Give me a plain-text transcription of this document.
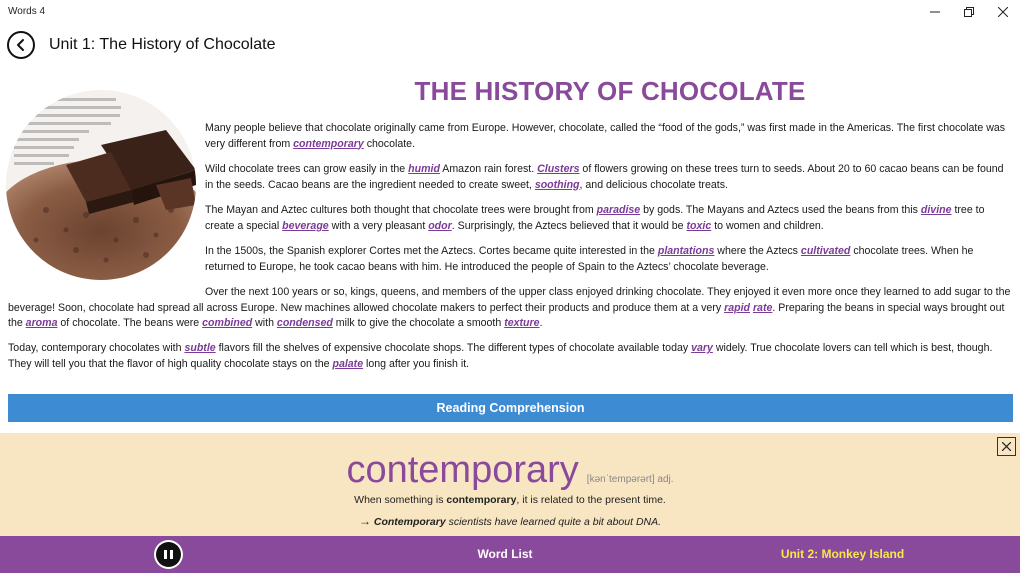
Words 4
Unit 1: The History of Chocolate
THE HISTORY OF CHOCOLATE

Many people believe that chocolate originally came from Europe. However, chocolate, called the “food of the gods,” was first made in the Americas. The first chocolate was very different from contemporary chocolate.

Wild chocolate trees can grow easily in the humid Amazon rain forest. Clusters of flowers growing on these trees turn to seeds. About 20 to 60 cacao beans can be found in the seeds. Cacao beans are the ingredient needed to create sweet, soothing, and delicious chocolate treats.

The Mayan and Aztec cultures both thought that chocolate trees were brought from paradise by gods. The Mayans and Aztecs used the beans from this divine tree to create a special beverage with a very pleasant odor. Surprisingly, the Aztecs believed that it would be toxic to women and children.

In the 1500s, the Spanish explorer Cortes met the Aztecs. Cortes became quite interested in the plantations where the Aztecs cultivated chocolate trees. When he returned to Europe, he took cacao beans with him. He introduced the people of Spain to the Aztecs’ chocolate beverage.

Over the next 100 years or so, kings, queens, and members of the upper class enjoyed drinking chocolate. They enjoyed it even more once they learned to add sugar to the beverage! Soon, chocolate had spread all across Europe. New machines allowed chocolate makers to perfect their products and produce them at a very rapid rate. Preparing the beans in special ways brought out the aroma of chocolate. The beans were combined with condensed milk to give the chocolate a smooth texture.

Today, contemporary chocolates with subtle flavors fill the shelves of expensive chocolate shops. The different types of chocolate available today vary widely. True chocolate lovers can tell which is best, though. They will tell you that the flavor of high quality chocolate stays on the palate long after you finish it.

Reading Comprehension
contemporary [kənˈtempərərt] adj.
When something is contemporary, it is related to the present time.
→ Contemporary scientists have learned quite a bit about DNA.
Word List	Unit 2: Monkey Island
